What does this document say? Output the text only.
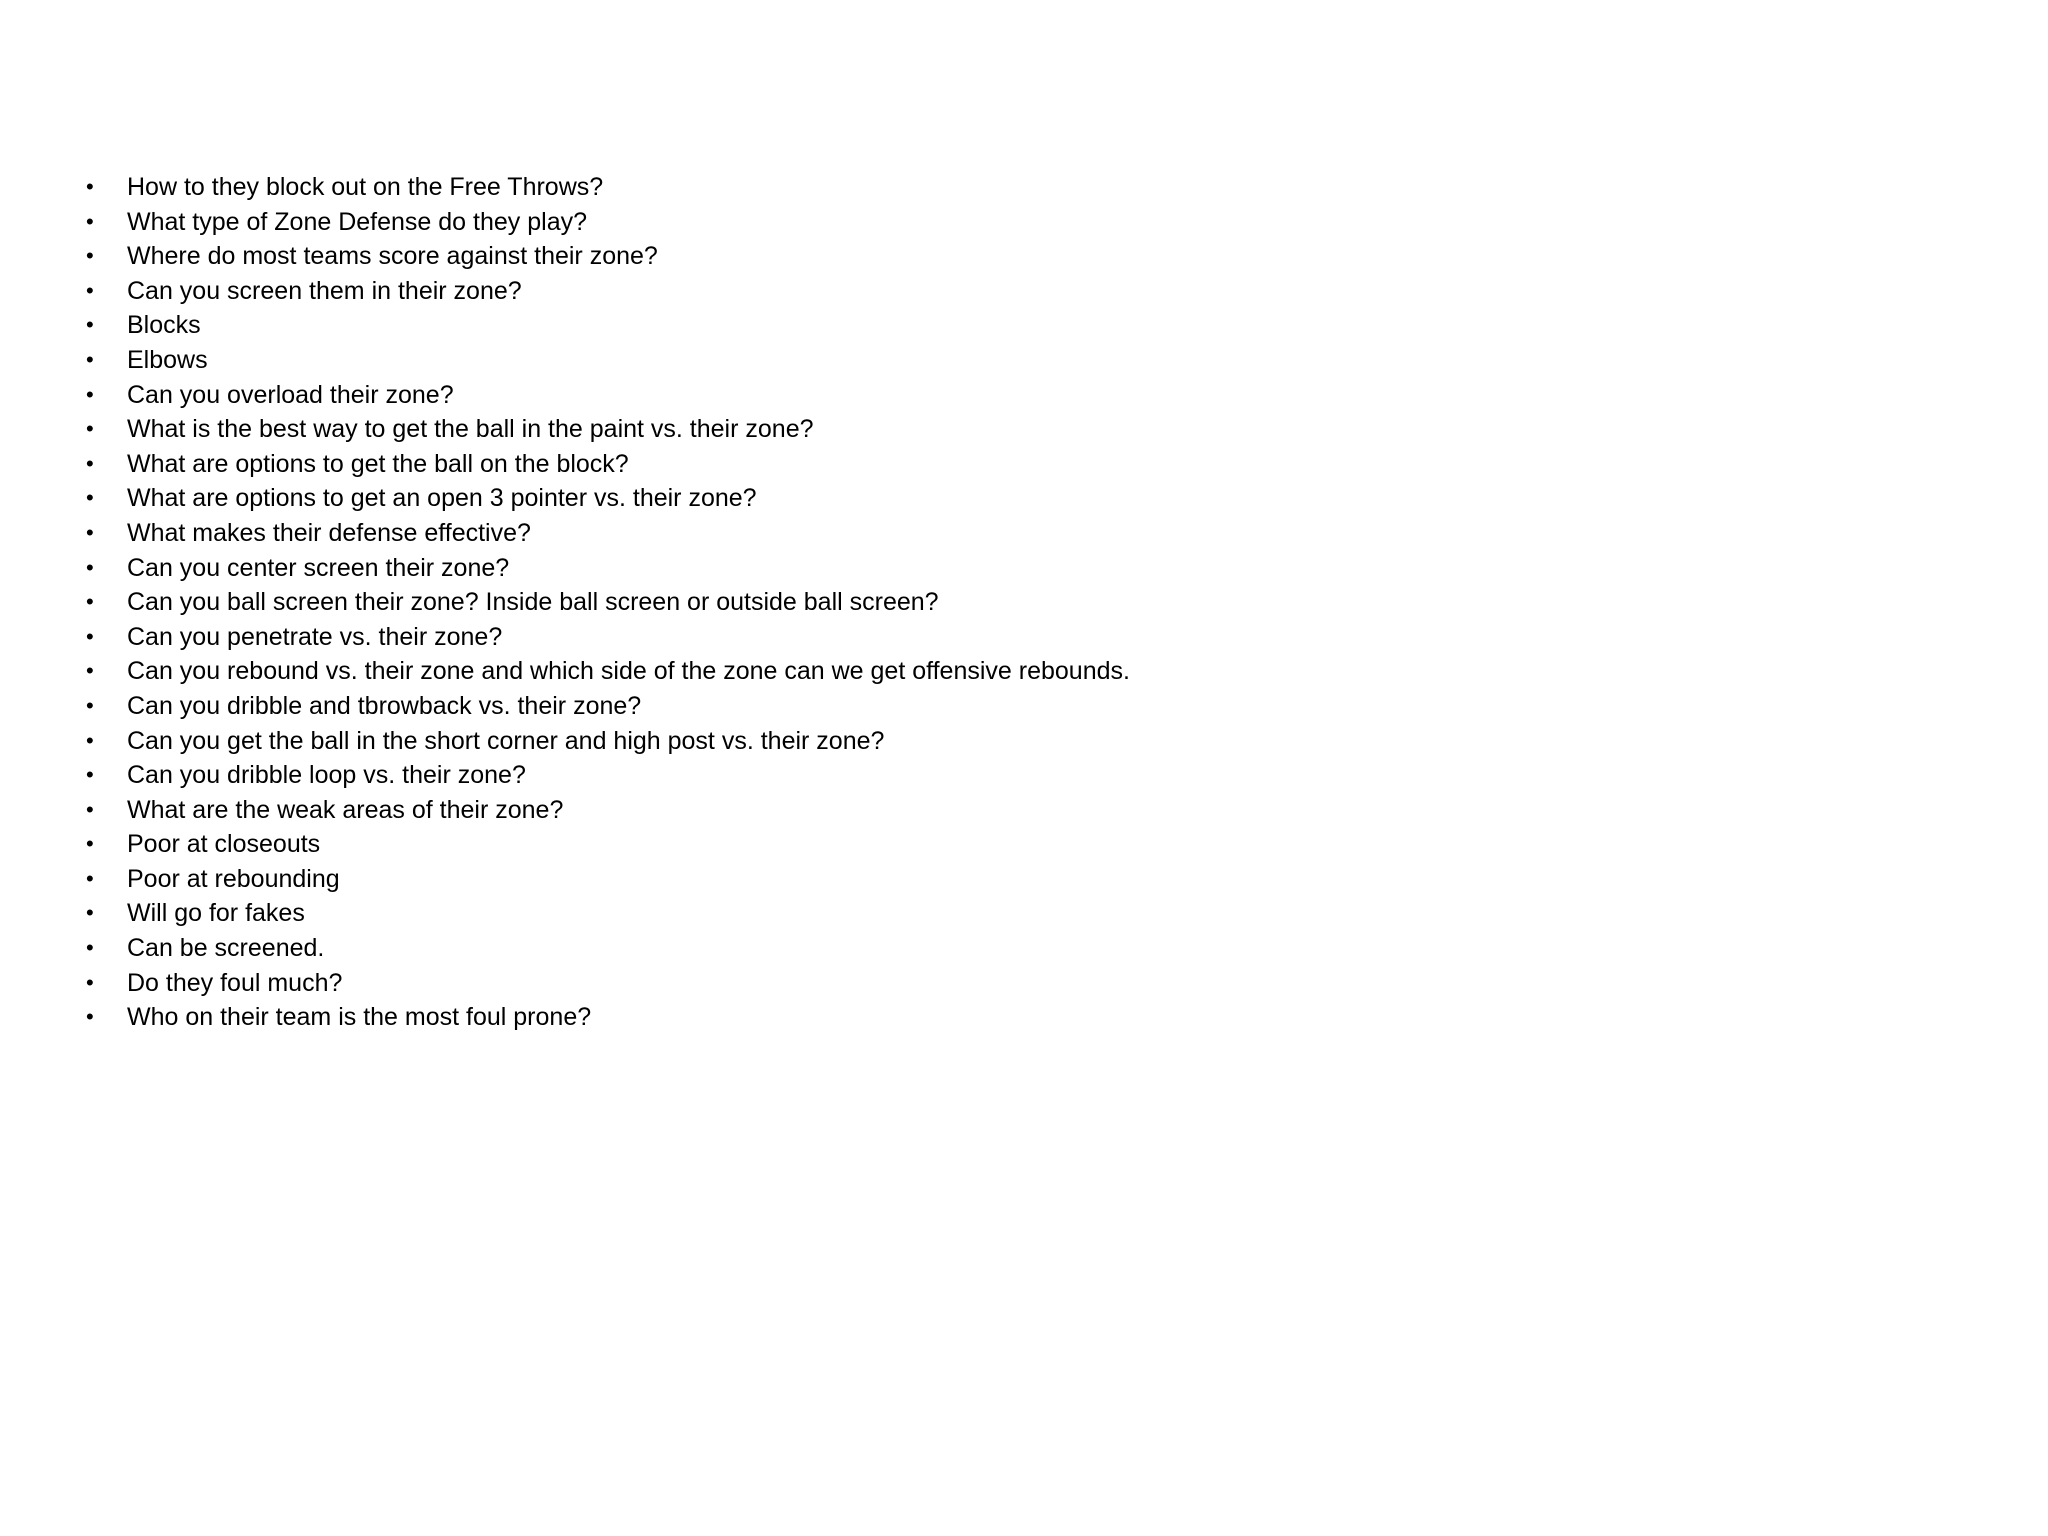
• How to they block out on the Free Throws?
• What type of Zone Defense do they play?
• Where do most teams score against their zone?
• Can you screen them in their zone?
• Blocks
• Elbows
• Can you overload their zone?
• What is the best way to get the ball in the paint vs. their zone?
• What are options to get the ball on the block?
• What are options to get an open 3 pointer vs. their zone?
• What makes their defense effective?
• Can you center screen their zone?
• Can you ball screen their zone? Inside ball screen or outside ball screen?
• Can you penetrate vs. their zone?
• Can you rebound vs. their zone and which side of the zone can we get offensive rebounds.
• Can you dribble and tbrowback vs. their zone?
• Can you get the ball in the short corner and high post vs. their zone?
• Can you dribble loop vs. their zone?
• What are the weak areas of their zone?
• Poor at closeouts
• Poor at rebounding
• Will go for fakes
• Can be screened.
• Do they foul much?
• Who on their team is the most foul prone?
